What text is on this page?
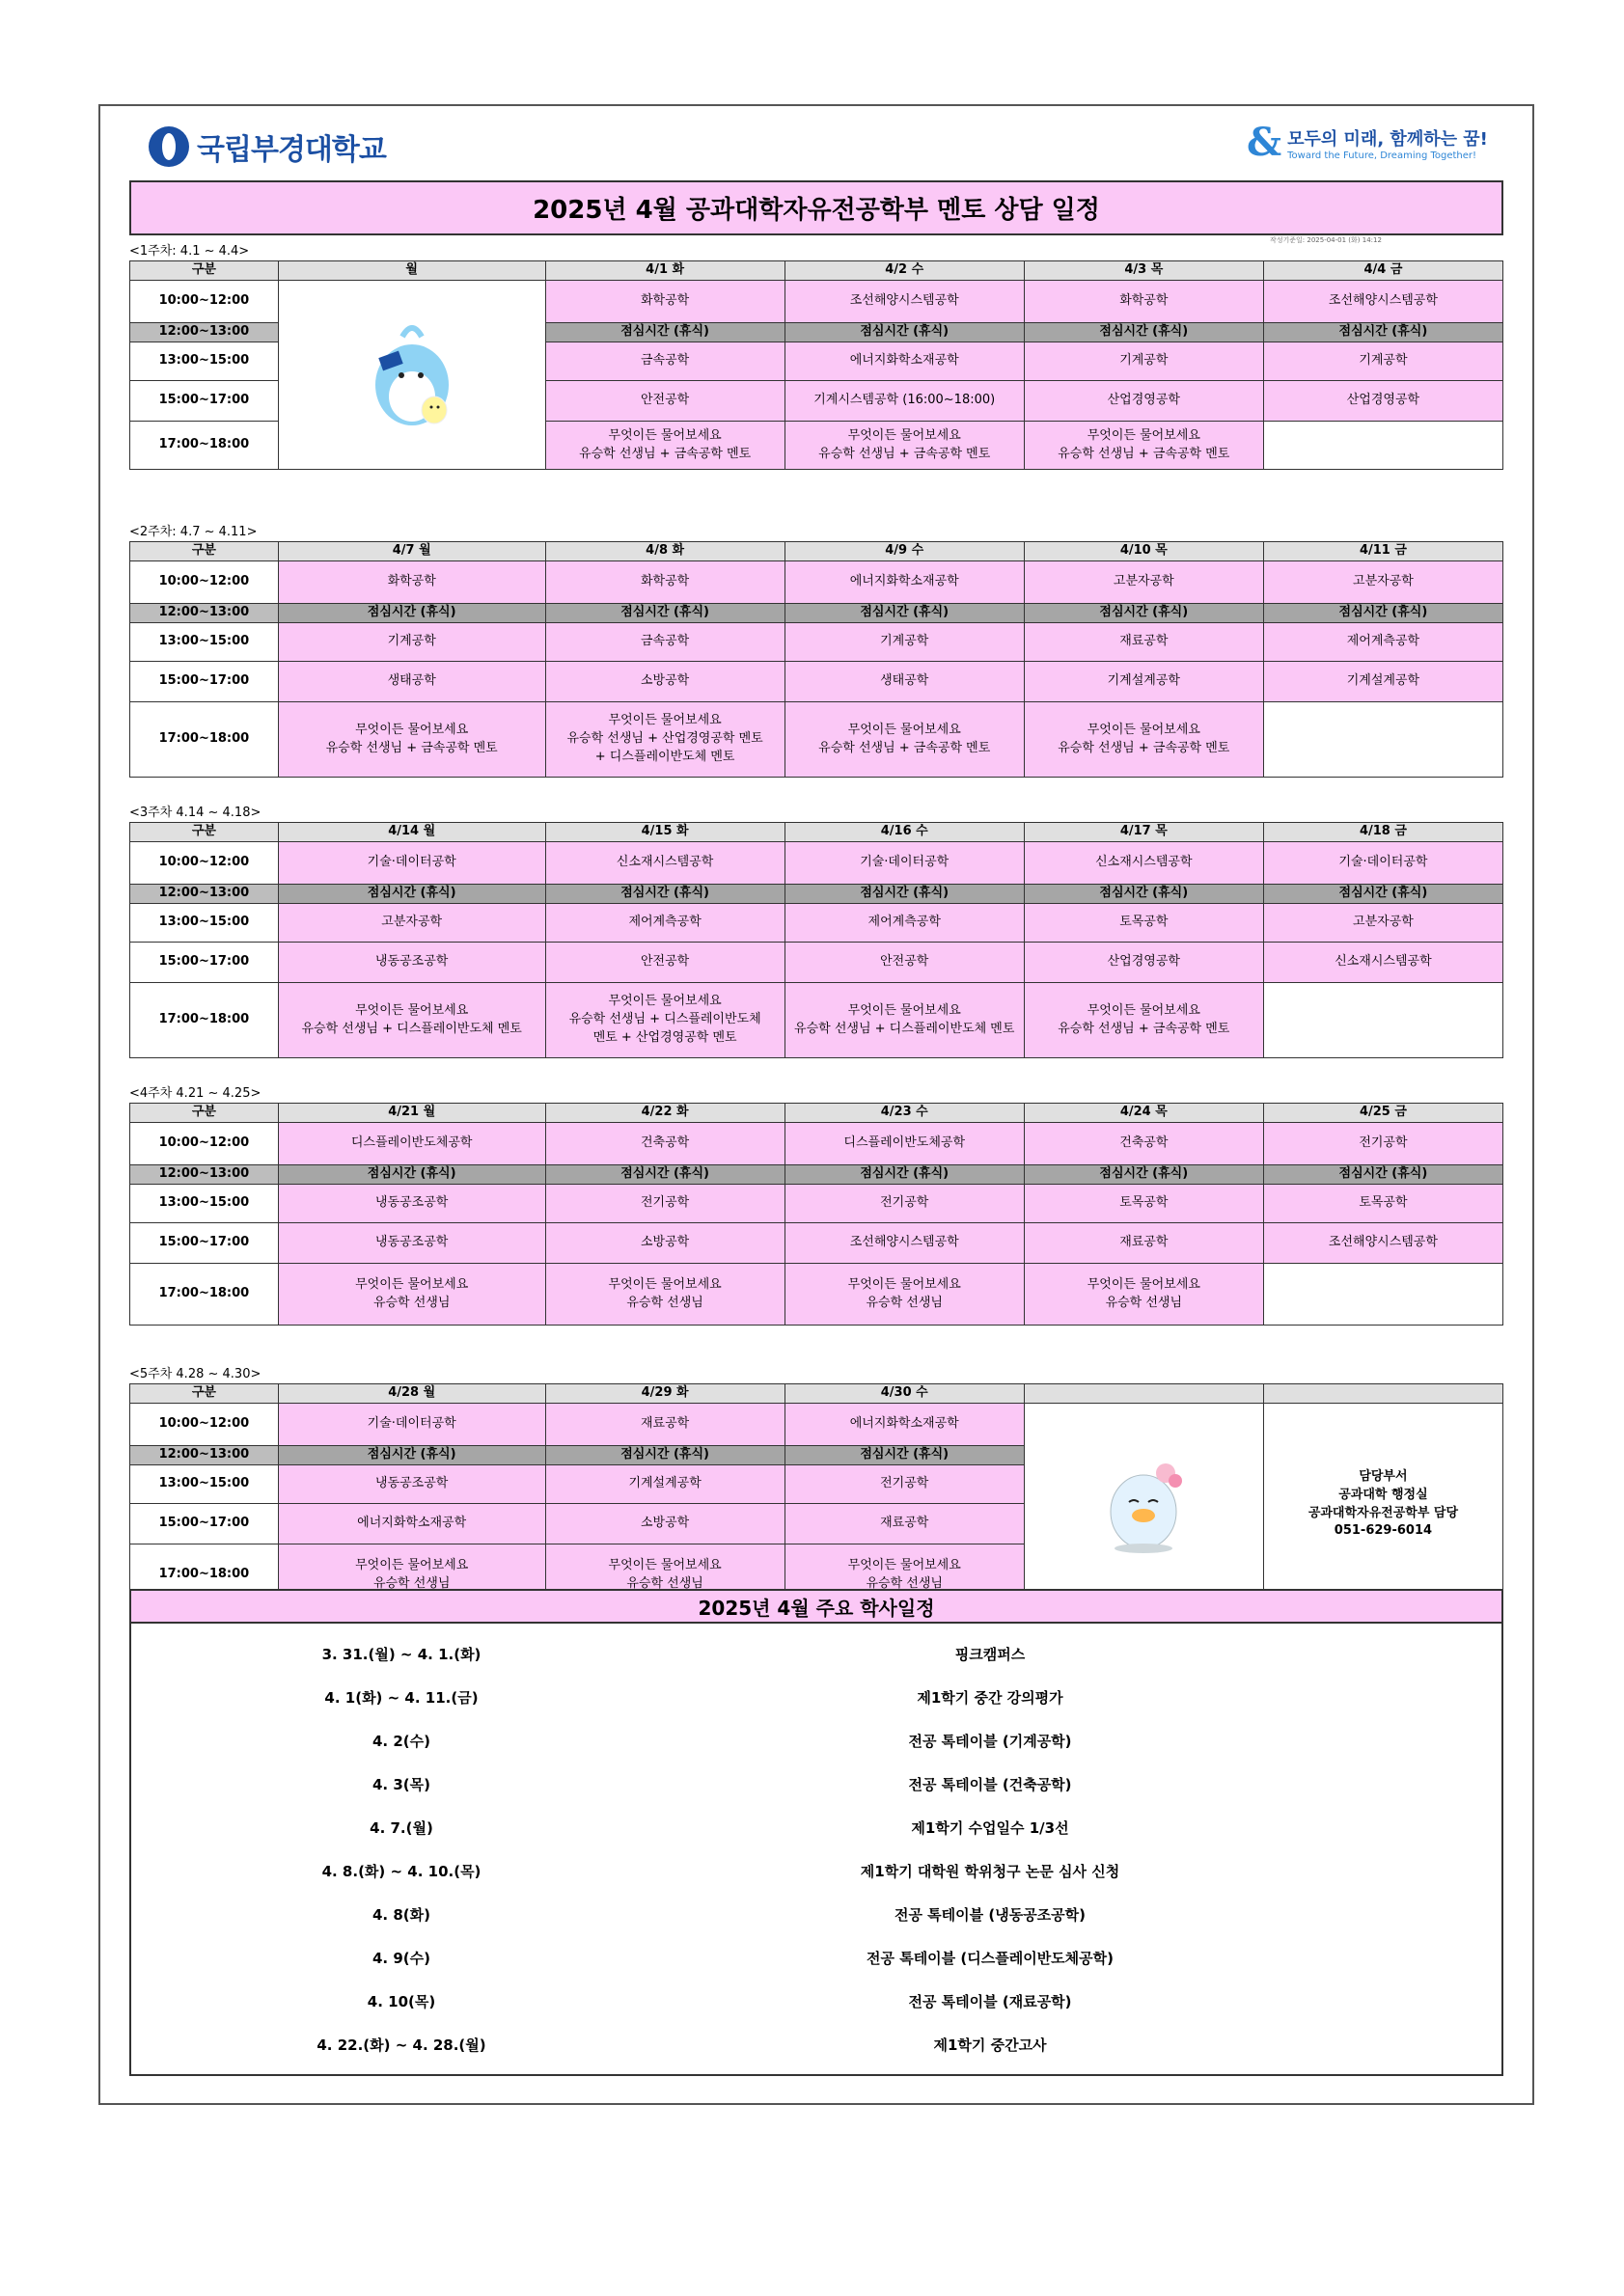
국립부경대학교	& 모두의 미래, 함께하는 꿈!
Toward the Future, Dreaming Together!
2025년 4월 공과대학자유전공학부 멘토 상담 일정
작성기준일: 2025-04-01 (화) 14:12
<1주차: 4.1 ~ 4.4>
구분	월	4/1 화	4/2 수	4/3 목	4/4 금
10:00~12:00		화학공학	조선해양시스템공학	화학공학	조선해양시스템공학
12:00~13:00		점심시간 (휴식)	점심시간 (휴식)	점심시간 (휴식)	점심시간 (휴식)
13:00~15:00		금속공학	에너지화학소재공학	기계공학	기계공학
15:00~17:00		안전공학	기계시스템공학 (16:00~18:00)	산업경영공학	산업경영공학
17:00~18:00		무엇이든 물어보세요
유승학 선생님 + 금속공학 멘토	무엇이든 물어보세요
유승학 선생님 + 금속공학 멘토	무엇이든 물어보세요
유승학 선생님 + 금속공학 멘토	
<2주차: 4.7 ~ 4.11>
구분	4/7 월	4/8 화	4/9 수	4/10 목	4/11 금
10:00~12:00	화학공학	화학공학	에너지화학소재공학	고분자공학	고분자공학
12:00~13:00	점심시간 (휴식)	점심시간 (휴식)	점심시간 (휴식)	점심시간 (휴식)	점심시간 (휴식)
13:00~15:00	기계공학	금속공학	기계공학	재료공학	제어계측공학
15:00~17:00	생태공학	소방공학	생태공학	기계설계공학	기계설계공학
17:00~18:00	무엇이든 물어보세요
유승학 선생님 + 금속공학 멘토	무엇이든 물어보세요
유승학 선생님 + 산업경영공학 멘토
+ 디스플레이반도체 멘토	무엇이든 물어보세요
유승학 선생님 + 금속공학 멘토	무엇이든 물어보세요
유승학 선생님 + 금속공학 멘토	
<3주차 4.14 ~ 4.18>
구분	4/14 월	4/15 화	4/16 수	4/17 목	4/18 금
10:00~12:00	기술·데이터공학	신소재시스템공학	기술·데이터공학	신소재시스템공학	기술·데이터공학
12:00~13:00	점심시간 (휴식)	점심시간 (휴식)	점심시간 (휴식)	점심시간 (휴식)	점심시간 (휴식)
13:00~15:00	고분자공학	제어계측공학	제어계측공학	토목공학	고분자공학
15:00~17:00	냉동공조공학	안전공학	안전공학	산업경영공학	신소재시스템공학
17:00~18:00	무엇이든 물어보세요
유승학 선생님 + 디스플레이반도체 멘토	무엇이든 물어보세요
유승학 선생님 + 디스플레이반도체
멘토 + 산업경영공학 멘토	무엇이든 물어보세요
유승학 선생님 + 디스플레이반도체 멘토	무엇이든 물어보세요
유승학 선생님 + 금속공학 멘토	
<4주차 4.21 ~ 4.25>
구분	4/21 월	4/22 화	4/23 수	4/24 목	4/25 금
10:00~12:00	디스플레이반도체공학	건축공학	디스플레이반도체공학	건축공학	전기공학
12:00~13:00	점심시간 (휴식)	점심시간 (휴식)	점심시간 (휴식)	점심시간 (휴식)	점심시간 (휴식)
13:00~15:00	냉동공조공학	전기공학	전기공학	토목공학	토목공학
15:00~17:00	냉동공조공학	소방공학	조선해양시스템공학	재료공학	조선해양시스템공학
17:00~18:00	무엇이든 물어보세요
유승학 선생님	무엇이든 물어보세요
유승학 선생님	무엇이든 물어보세요
유승학 선생님	무엇이든 물어보세요
유승학 선생님	
<5주차 4.28 ~ 4.30>
구분	4/28 월	4/29 화	4/30 수		
10:00~12:00	기술·데이터공학	재료공학	에너지화학소재공학		담당부서
공과대학 행정실
공과대학자유전공학부 담당
051-629-6014
12:00~13:00	점심시간 (휴식)	점심시간 (휴식)	점심시간 (휴식)		
13:00~15:00	냉동공조공학	기계설계공학	전기공학		
15:00~17:00	에너지화학소재공학	소방공학	재료공학		
17:00~18:00	무엇이든 물어보세요
유승학 선생님	무엇이든 물어보세요
유승학 선생님	무엇이든 물어보세요
유승학 선생님		
2025년 4월 주요 학사일정
3. 31.(월) ~ 4. 1.(화)	핑크캠퍼스
4. 1(화) ~ 4. 11.(금)	제1학기 중간 강의평가
4. 2(수)	전공 톡테이블 (기계공학)
4. 3(목)	전공 톡테이블 (건축공학)
4. 7.(월)	제1학기 수업일수 1/3선
4. 8.(화) ~ 4. 10.(목)	제1학기 대학원 학위청구 논문 심사 신청
4. 8(화)	전공 톡테이블 (냉동공조공학)
4. 9(수)	전공 톡테이블 (디스플레이반도체공학)
4. 10(목)	전공 톡테이블 (재료공학)
4. 22.(화) ~ 4. 28.(월)	제1학기 중간고사
